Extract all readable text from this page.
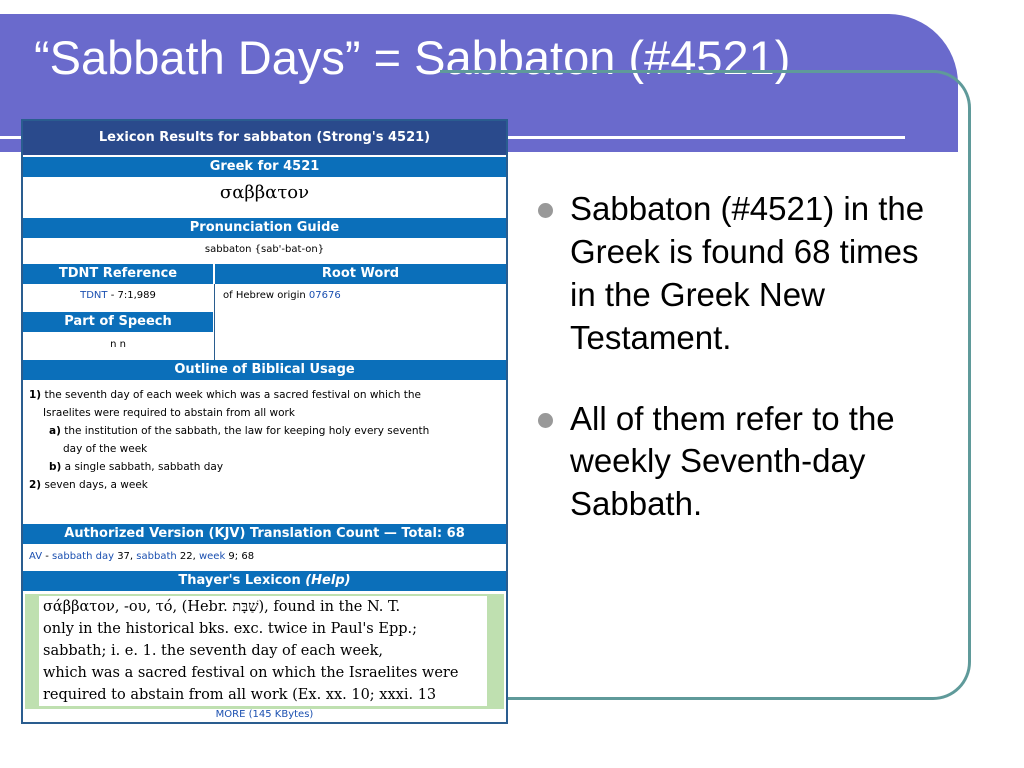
“Sabbath Days” = Sabbaton (#4521)
Sabbaton (#4521) in the Greek is found 68 times in the Greek New Testament.
All of them refer to the weekly Seventh-day Sabbath.
Lexicon Results for sabbaton (Strong's 4521)
Greek for 4521
σαββατον
Pronunciation Guide
sabbaton {sab'-bat-on}
TDNT Reference	Root Word
TDNT - 7:1,989	of Hebrew origin 07676
Part of Speech
n n
Outline of Biblical Usage
1) the seventh day of each week which was a sacred festival on which the
Israelites were required to abstain from all work
a) the institution of the sabbath, the law for keeping holy every seventh
day of the week
b) a single sabbath, sabbath day
2) seven days, a week
Authorized Version (KJV) Translation Count — Total: 68
AV - sabbath day 37, sabbath 22, week 9; 68
Thayer's Lexicon (Help)
σάββατον, -ου, τό, (Hebr. שַׁבָּת), found in the N. T.
only in the historical bks. exc. twice in Paul's Epp.;
sabbath; i. e. 1. the seventh day of each week,
which was a sacred festival on which the Israelites were
required to abstain from all work (Ex. xx. 10; xxxi. 13
MORE (145 KBytes)
